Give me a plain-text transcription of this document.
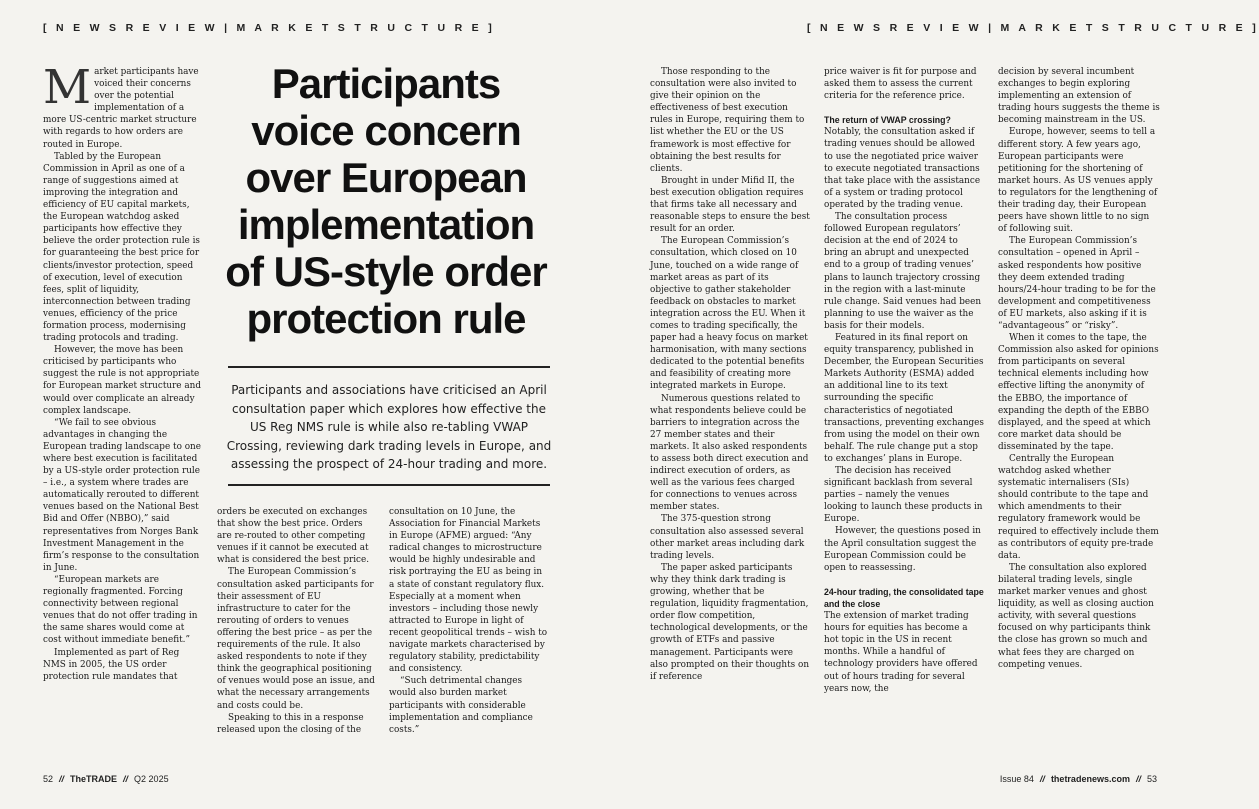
[ N E W S R E V I E W | M A R K E T S T R U C T U R E ]	[ N E W S R E V I E W | M A R K E T S T R U C T U R E ]

Market participants have voiced their concerns over the potential implementation of a more US-centric market structure with regards to how orders are routed in Europe.

Tabled by the European Commission in April as one of a range of suggestions aimed at improving the integration and efficiency of EU capital markets, the European watchdog asked participants how effective they believe the order protection rule is for guaranteeing the best price for clients/investor protection, speed of execution, level of execution fees, split of liquidity, interconnection between trading venues, efficiency of the price formation process, modernising trading protocols and trading.

However, the move has been criticised by participants who suggest the rule is not appropriate for European market structure and would over complicate an already complex landscape.

“We fail to see obvious advantages in changing the European trading landscape to one where best execution is facilitated by a US-style order protection rule – i.e., a system where trades are automatically rerouted to different venues based on the National Best Bid and Offer (NBBO),” said representatives from Norges Bank Investment Management in the firm’s response to the consultation in June.

“European markets are regionally fragmented. Forcing connectivity between regional venues that do not offer trading in the same shares would come at cost without immediate benefit.”

Implemented as part of Reg NMS in 2005, the US order protection rule mandates that

Participants voice concern over European implementation of US-style order protection rule

Participants and associations have criticised an April consultation paper which explores how effective the US Reg NMS rule is while also re-tabling VWAP Crossing, reviewing dark trading levels in Europe, and assessing the prospect of 24-hour trading and more.

orders be executed on exchanges that show the best price. Orders are re-routed to other competing venues if it cannot be executed at what is considered the best price.

The European Commission’s consultation asked participants for their assessment of EU infrastructure to cater for the rerouting of orders to venues offering the best price – as per the requirements of the rule. It also asked respondents to note if they think the geographical positioning of venues would pose an issue, and what the necessary arrangements and costs could be.

Speaking to this in a response released upon the closing of the

consultation on 10 June, the Association for Financial Markets in Europe (AFME) argued: “Any radical changes to microstructure would be highly undesirable and risk portraying the EU as being in a state of constant regulatory flux. Especially at a moment when investors – including those newly attracted to Europe in light of recent geopolitical trends – wish to navigate markets characterised by regulatory stability, predictability and consistency.

“Such detrimental changes would also burden market participants with considerable implementation and compliance costs.”

Those responding to the consultation were also invited to give their opinion on the effectiveness of best execution rules in Europe, requiring them to list whether the EU or the US framework is most effective for obtaining the best results for clients.

Brought in under Mifid II, the best execution obligation requires that firms take all necessary and reasonable steps to ensure the best result for an order.

The European Commission’s consultation, which closed on 10 June, touched on a wide range of market areas as part of its objective to gather stakeholder feedback on obstacles to market integration across the EU. When it comes to trading specifically, the paper had a heavy focus on market harmonisation, with many sections dedicated to the potential benefits and feasibility of creating more integrated markets in Europe.

Numerous questions related to what respondents believe could be barriers to integration across the 27 member states and their markets. It also asked respondents to assess both direct execution and indirect execution of orders, as well as the various fees charged for connections to venues across member states.

The 375-question strong consultation also assessed several other market areas including dark trading levels.

The paper asked participants why they think dark trading is growing, whether that be regulation, liquidity fragmentation, order flow competition, technological developments, or the growth of ETFs and passive management. Participants were also prompted on their thoughts on if reference

price waiver is fit for purpose and asked them to assess the current criteria for the reference price.

The return of VWAP crossing?

Notably, the consultation asked if trading venues should be allowed to use the negotiated price waiver to execute negotiated transactions that take place with the assistance of a system or trading protocol operated by the trading venue.

The consultation process followed European regulators’ decision at the end of 2024 to bring an abrupt and unexpected end to a group of trading venues’ plans to launch trajectory crossing in the region with a last-minute rule change. Said venues had been planning to use the waiver as the basis for their models.

Featured in its final report on equity transparency, published in December, the European Securities Markets Authority (ESMA) added an additional line to its text surrounding the specific characteristics of negotiated transactions, preventing exchanges from using the model on their own behalf. The rule change put a stop to exchanges’ plans in Europe.

The decision has received significant backlash from several parties – namely the venues looking to launch these products in Europe.

However, the questions posed in the April consultation suggest the European Commission could be open to reassessing.

24-hour trading, the consolidated tape and the close

The extension of market trading hours for equities has become a hot topic in the US in recent months. While a handful of technology providers have offered out of hours trading for several years now, the

decision by several incumbent exchanges to begin exploring implementing an extension of trading hours suggests the theme is becoming mainstream in the US.

Europe, however, seems to tell a different story. A few years ago, European participants were petitioning for the shortening of market hours. As US venues apply to regulators for the lengthening of their trading day, their European peers have shown little to no sign of following suit.

The European Commission’s consultation – opened in April – asked respondents how positive they deem extended trading hours/24-hour trading to be for the development and competitiveness of EU markets, also asking if it is “advantageous” or “risky”.

When it comes to the tape, the Commission also asked for opinions from participants on several technical elements including how effective lifting the anonymity of the EBBO, the importance of expanding the depth of the EBBO displayed, and the speed at which core market data should be disseminated by the tape.

Centrally the European watchdog asked whether systematic internalisers (SIs) should contribute to the tape and which amendments to their regulatory framework would be required to effectively include them as contributors of equity pre-trade data.

The consultation also explored bilateral trading levels, single market marker venues and ghost liquidity, as well as closing auction activity, with several questions focused on why participants think the close has grown so much and what fees they are charged on competing venues.

52 // TheTRADE // Q2 2025	Issue 84 // thetradenews.com // 53
